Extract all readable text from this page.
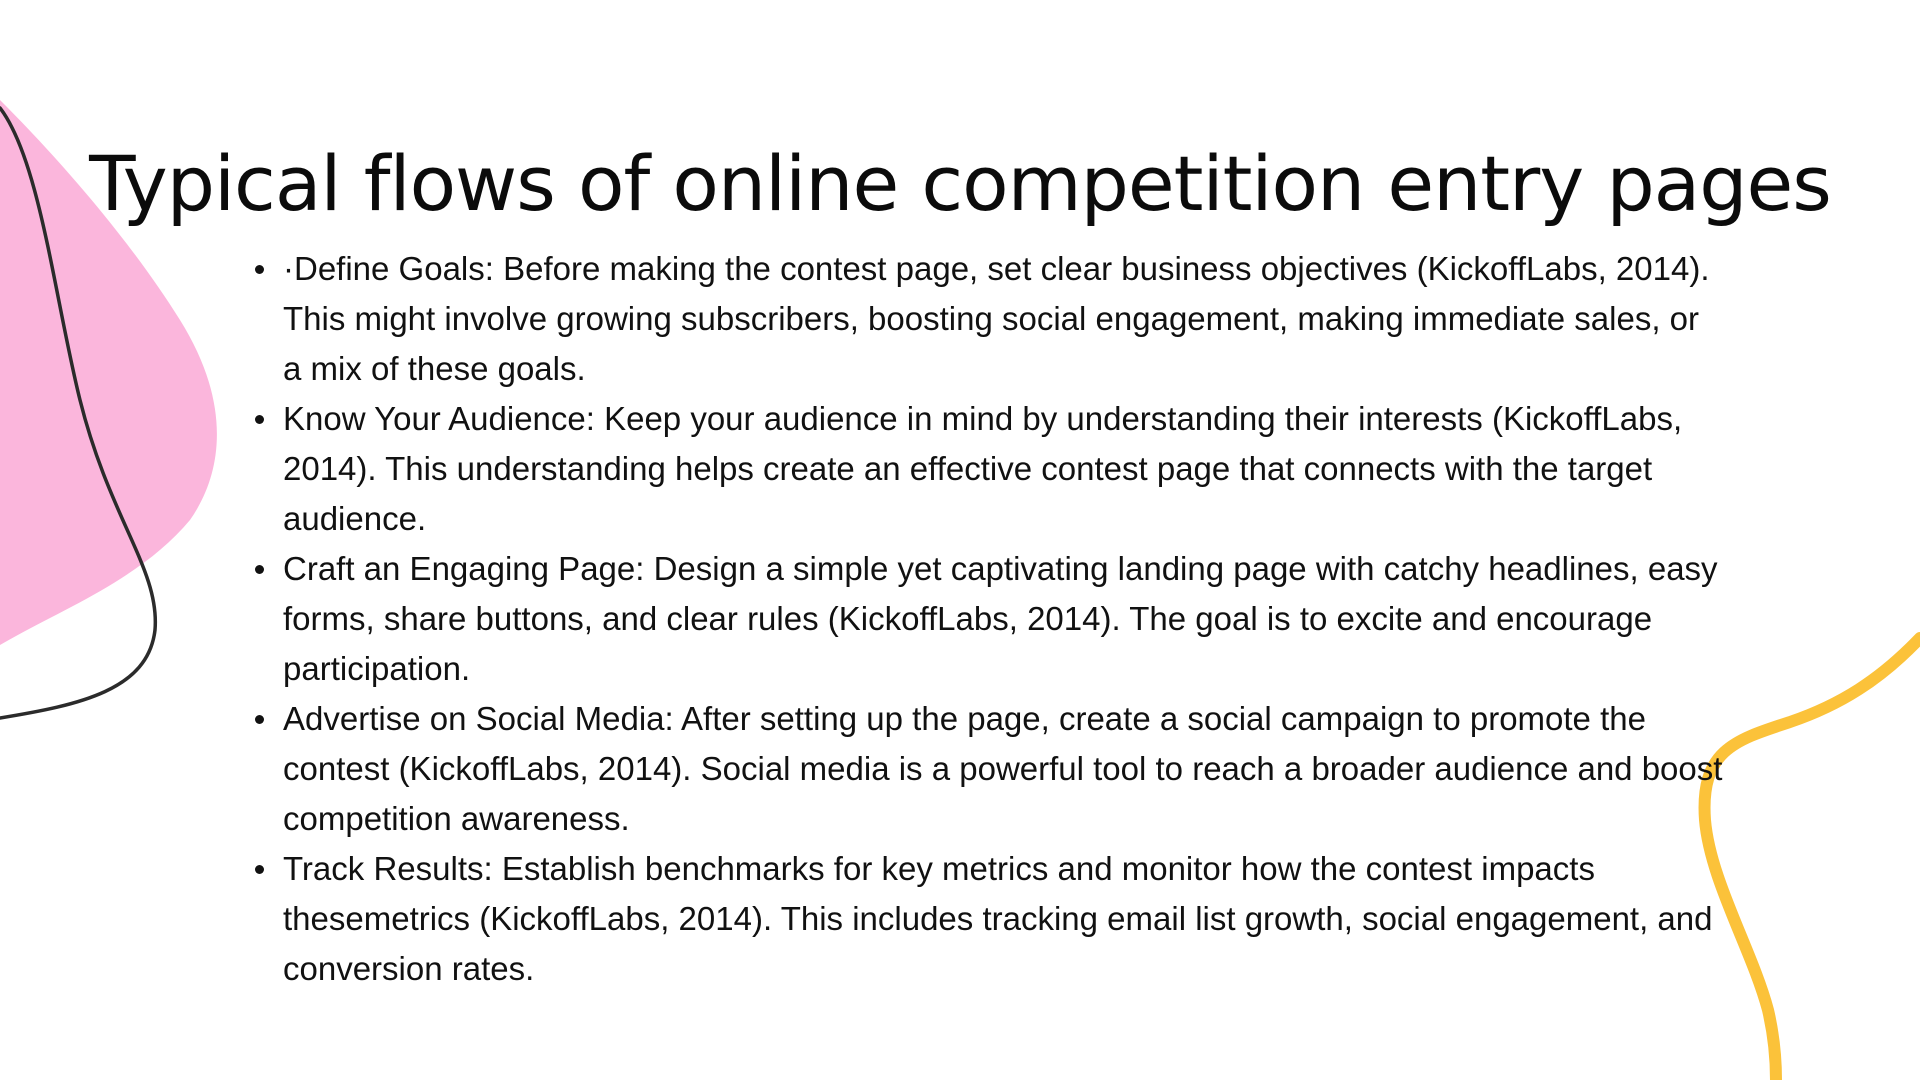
Typical flows of online competition entry pages
·Define Goals: Before making the contest page, set clear business objectives (KickoffLabs, 2014). This might involve growing subscribers, boosting social engagement, making immediate sales, or a mix of these goals.
Know Your Audience: Keep your audience in mind by understanding their interests (KickoffLabs, 2014). This understanding helps create an effective contest page that connects with the target audience.
Craft an Engaging Page: Design a simple yet captivating landing page with catchy headlines, easy forms, share buttons, and clear rules (KickoffLabs, 2014). The goal is to excite and encourage participation.
Advertise on Social Media: After setting up the page, create a social campaign to promote the contest (KickoffLabs, 2014). Social media is a powerful tool to reach a broader audience and boost competition awareness.
Track Results: Establish benchmarks for key metrics and monitor how the contest impacts thesemetrics (KickoffLabs, 2014). This includes tracking email list growth, social engagement, and conversion rates.
